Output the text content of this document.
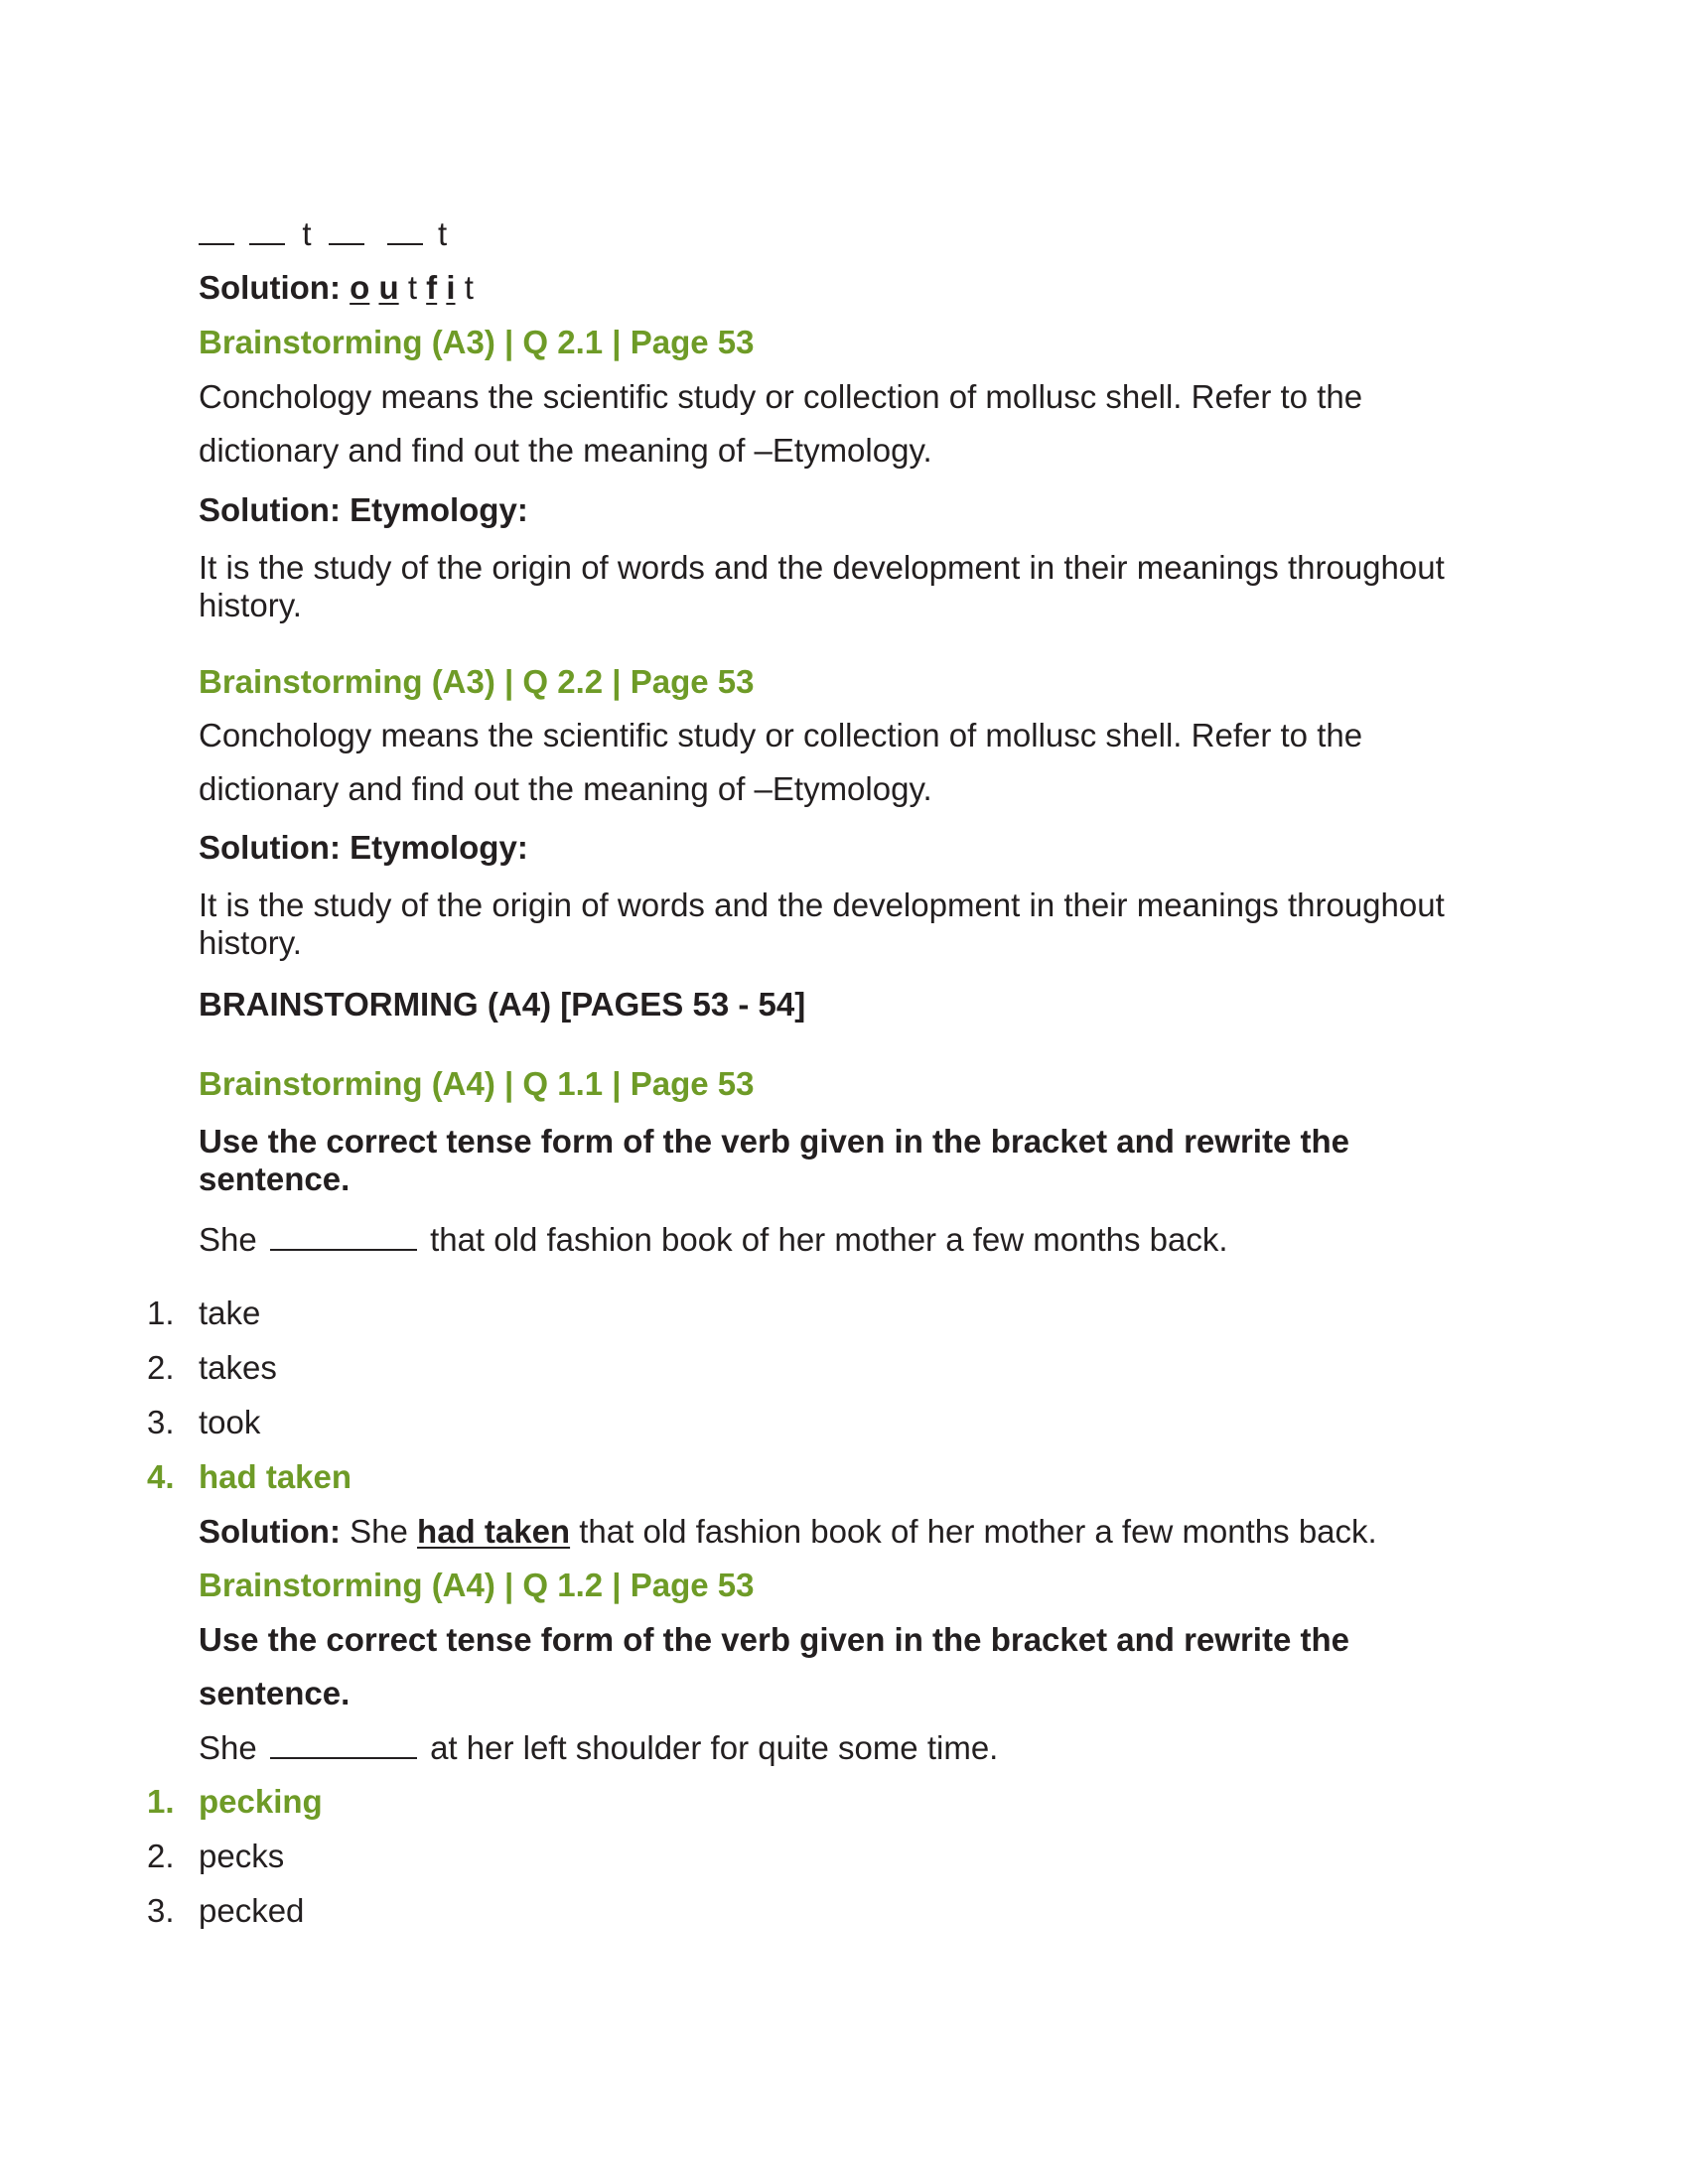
t	t
Solution: o u t f i t
Brainstorming (A3) | Q 2.1 | Page 53
Conchology means the scientific study or collection of mollusc shell. Refer to the
dictionary and find out the meaning of –Etymology.
Solution: Etymology:
It is the study of the origin of words and the development in their meanings throughout history.
Brainstorming (A3) | Q 2.2 | Page 53
Conchology means the scientific study or collection of mollusc shell. Refer to the
dictionary and find out the meaning of –Etymology.
Solution: Etymology:
It is the study of the origin of words and the development in their meanings throughout history.
BRAINSTORMING (A4) [PAGES 53 - 54]
Brainstorming (A4) | Q 1.1 | Page 53
Use the correct tense form of the verb given in the bracket and rewrite the sentence.
She	that old fashion book of her mother a few months back.
1. take
2. takes
3. took
4. had taken
Solution: She had taken that old fashion book of her mother a few months back.
Brainstorming (A4) | Q 1.2 | Page 53
Use the correct tense form of the verb given in the bracket and rewrite the
sentence.
She	at her left shoulder for quite some time.
1. pecking
2. pecks
3. pecked
